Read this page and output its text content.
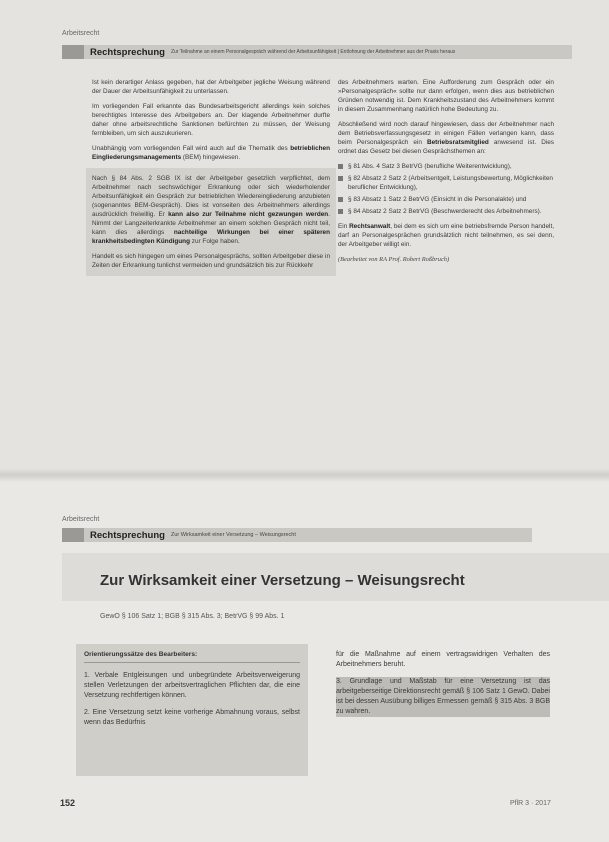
Arbeitsrecht
Rechtsprechung Zur Teilnahme an einem Personalgespräch während der Arbeitsunfähigkeit | Entlohnung der Arbeitnehmer aus der Praxis heraus

Ist kein derartiger Anlass gegeben, hat der Arbeitgeber jegliche Weisung während der Dauer der Arbeitsunfähigkeit zu unterlassen.

Im vorliegenden Fall erkannte das Bundesarbeitsgericht allerdings kein solches berechtigtes Interesse des Arbeitgebers an. Der klagende Arbeitnehmer durfte daher ohne arbeitsrechtliche Sanktionen befürchten zu müssen, der Weisung fernbleiben, um sich auszukurieren.

Unabhängig vom vorliegenden Fall wird auch auf die Thematik des betrieblichen Eingliederungsmanagements (BEM) hingewiesen.

Nach § 84 Abs. 2 SGB IX ist der Arbeitgeber gesetzlich verpflichtet, dem Arbeitnehmer nach sechswöchiger Erkrankung oder sich wiederholender Arbeitsunfähigkeit ein Gespräch zur betrieblichen Wiedereingliederung anzubieten (sogenanntes BEM-Gespräch). Dies ist vonseiten des Arbeitnehmers allerdings ausdrücklich freiwillig. Er kann also zur Teilnahme nicht gezwungen werden. Nimmt der Langzeiterkrankte Arbeitnehmer an einem solchen Gespräch nicht teil, kann dies allerdings nachteilige Wirkungen bei einer späteren krankheitsbedingten Kündigung zur Folge haben.

Handelt es sich hingegen um eines Personalgesprächs, sollten Arbeitgeber diese in Zeiten der Erkrankung tunlichst vermeiden und grundsätzlich bis zur Rückkehr

des Arbeitnehmers warten. Eine Aufforderung zum Gespräch oder ein »Personalgespräch« sollte nur dann erfolgen, wenn dies aus betrieblichen Gründen notwendig ist. Dem Krankheitszustand des Arbeitnehmers kommt in diesem Zusammenhang natürlich hohe Bedeutung zu.

Abschließend wird noch darauf hingewiesen, dass der Arbeitnehmer nach dem Betriebsverfassungsgesetz in einigen Fällen verlangen kann, dass beim Personalgespräch ein Betriebsratsmitglied anwesend ist. Dies ordnet das Gesetz bei diesen Gesprächsthemen an:

§ 81 Abs. 4 Satz 3 BetrVG (berufliche Weiterentwicklung),
§ 82 Absatz 2 Satz 2 (Arbeitsentgelt, Leistungsbewertung, Möglichkeiten beruflicher Entwicklung),
§ 83 Absatz 1 Satz 2 BetrVG (Einsicht in die Personalakte) und
§ 84 Absatz 2 Satz 2 BetrVG (Beschwerderecht des Arbeitnehmers).

Ein Rechtsanwalt, bei dem es sich um eine betriebsfremde Person handelt, darf an Personalgesprächen grundsätzlich nicht teilnehmen, es sei denn, der Arbeitgeber willigt ein.

(Bearbeitet von RA Prof. Robert Roßbruch)

Arbeitsrecht
Rechtsprechung Zur Wirksamkeit einer Versetzung – Weisungsrecht
Zur Wirksamkeit einer Versetzung – Weisungsrecht
GewO § 106 Satz 1; BGB § 315 Abs. 3; BetrVG § 99 Abs. 1
Orientierungssätze des Bearbeiters:

1. Verbale Entgleisungen und unbegründete Arbeitsverweigerung stellen Verletzungen der arbeitsvertraglichen Pflichten dar, die eine Versetzung rechtfertigen können.

2. Eine Versetzung setzt keine vorherige Abmahnung voraus, selbst wenn das Bedürfnis

für die Maßnahme auf einem vertragswidrigen Verhalten des Arbeitnehmers beruht.

3. Grundlage und Maßstab für eine Versetzung ist das arbeitgeberseitige Direktionsrecht gemäß § 106 Satz 1 GewO. Dabei ist bei dessen Ausübung billiges Ermessen gemäß § 315 Abs. 3 BGB zu wahren.

152	PflR 3 · 2017
